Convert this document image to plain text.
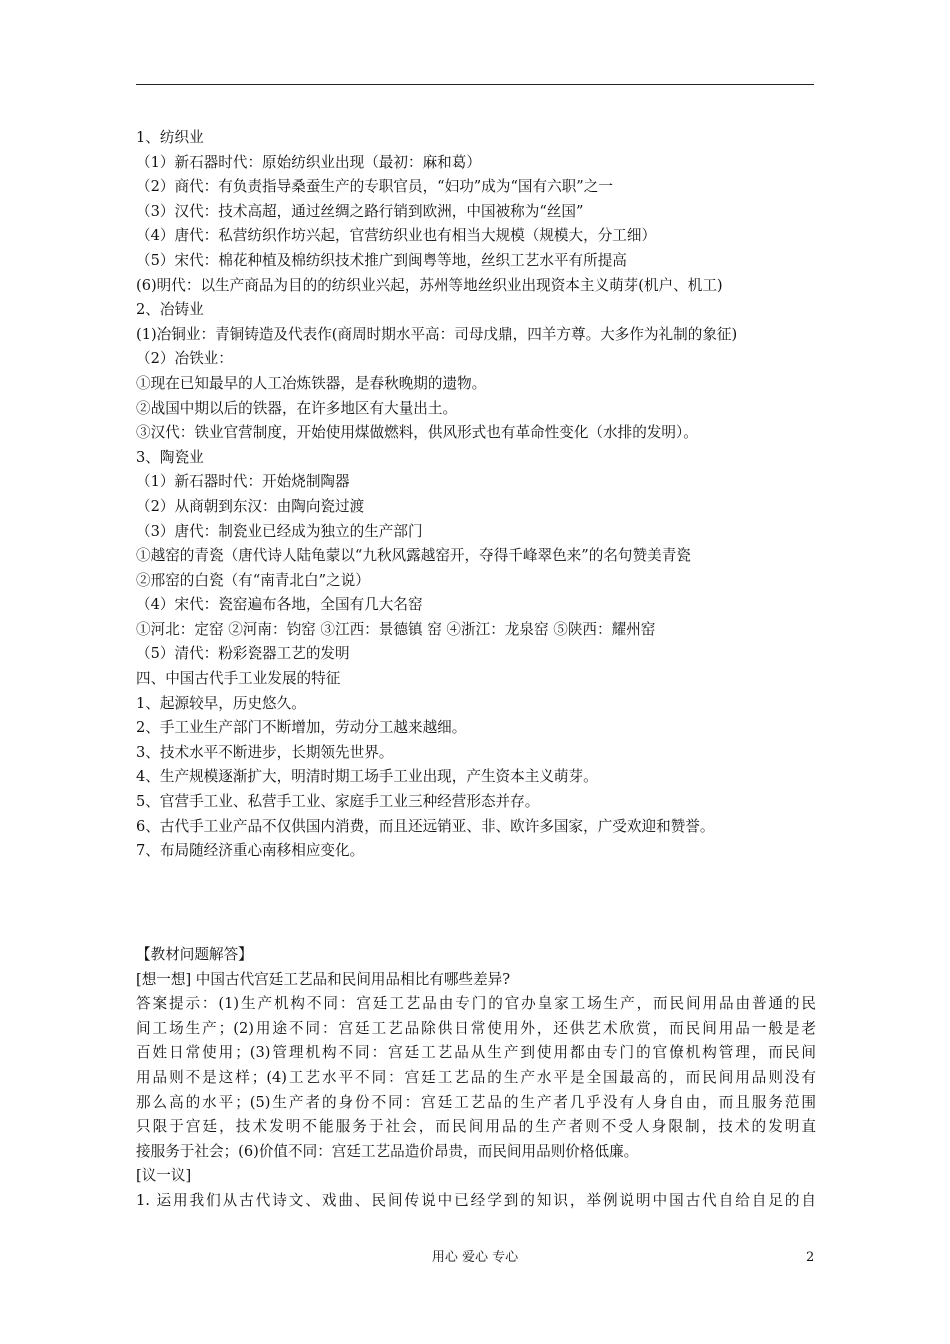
1、纺织业
（1）新石器时代：原始纺织业出现（最初：麻和葛）
（2）商代：有负责指导桑蚕生产的专职官员，“妇功”成为“国有六职”之一
（3）汉代：技术高超，通过丝绸之路行销到欧洲，中国被称为“丝国”
（4）唐代：私营纺织作坊兴起，官营纺织业也有相当大规模（规模大，分工细）
（5）宋代：棉花种植及棉纺织技术推广到闽粤等地，丝织工艺水平有所提高
(6)明代：以生产商品为目的的纺织业兴起，苏州等地丝织业出现资本主义萌芽(机户、机工)
2、冶铸业
(1)冶铜业：青铜铸造及代表作(商周时期水平高：司母戊鼎，四羊方尊。大多作为礼制的象征)
（2）冶铁业：
①现在已知最早的人工冶炼铁器，是春秋晚期的遗物。
②战国中期以后的铁器，在许多地区有大量出土。
③汉代：铁业官营制度，开始使用煤做燃料，供风形式也有革命性变化（水排的发明）。
3、陶瓷业
（1）新石器时代：开始烧制陶器
（2）从商朝到东汉：由陶向瓷过渡
（3）唐代：制瓷业已经成为独立的生产部门
①越窑的青瓷（唐代诗人陆龟蒙以“九秋风露越窑开，夺得千峰翠色来”的名句赞美青瓷
②邢窑的白瓷（有“南青北白”之说）
（4）宋代：瓷窑遍布各地，全国有几大名窑
①河北：定窑 ②河南：钧窑 ③江西：景德镇 窑 ④浙江：龙泉窑 ⑤陕西：耀州窑
（5）清代：粉彩瓷器工艺的发明
四、中国古代手工业发展的特征
1、起源较早，历史悠久。
2、手工业生产部门不断增加，劳动分工越来越细。
3、技术水平不断进步，长期领先世界。
4、生产规模逐渐扩大，明清时期工场手工业出现，产生资本主义萌芽。
5、官营手工业、私营手工业、家庭手工业三种经营形态并存。
6、古代手工业产品不仅供国内消费，而且还远销亚、非、欧许多国家，广受欢迎和赞誉。
7、布局随经济重心南移相应变化。
【教材问题解答】
[想一想] 中国古代宫廷工艺品和民间用品相比有哪些差异?
答案提示：(1)生产机构不同：宫廷工艺品由专门的官办皇家工场生产，而民间用品由普通的民
间工场生产；(2)用途不同：宫廷工艺品除供日常使用外，还供艺术欣赏，而民间用品一般是老
百姓日常使用；(3)管理机构不同：宫廷工艺品从生产到使用都由专门的官僚机构管理，而民间
用品则不是这样；(4)工艺水平不同：宫廷工艺品的生产水平是全国最高的，而民间用品则没有
那么高的水平；(5)生产者的身份不同：宫廷工艺品的生产者几乎没有人身自由，而且服务范围
只限于宫廷，技术发明不能服务于社会，而民间用品的生产者则不受人身限制，技术的发明直
接服务于社会；(6)价值不同：宫廷工艺品造价昂贵，而民间用品则价格低廉。
[议一议]
1. 运用我们从古代诗文、戏曲、民间传说中已经学到的知识，举例说明中国古代自给自足的自
用心 爱心 专心	2
